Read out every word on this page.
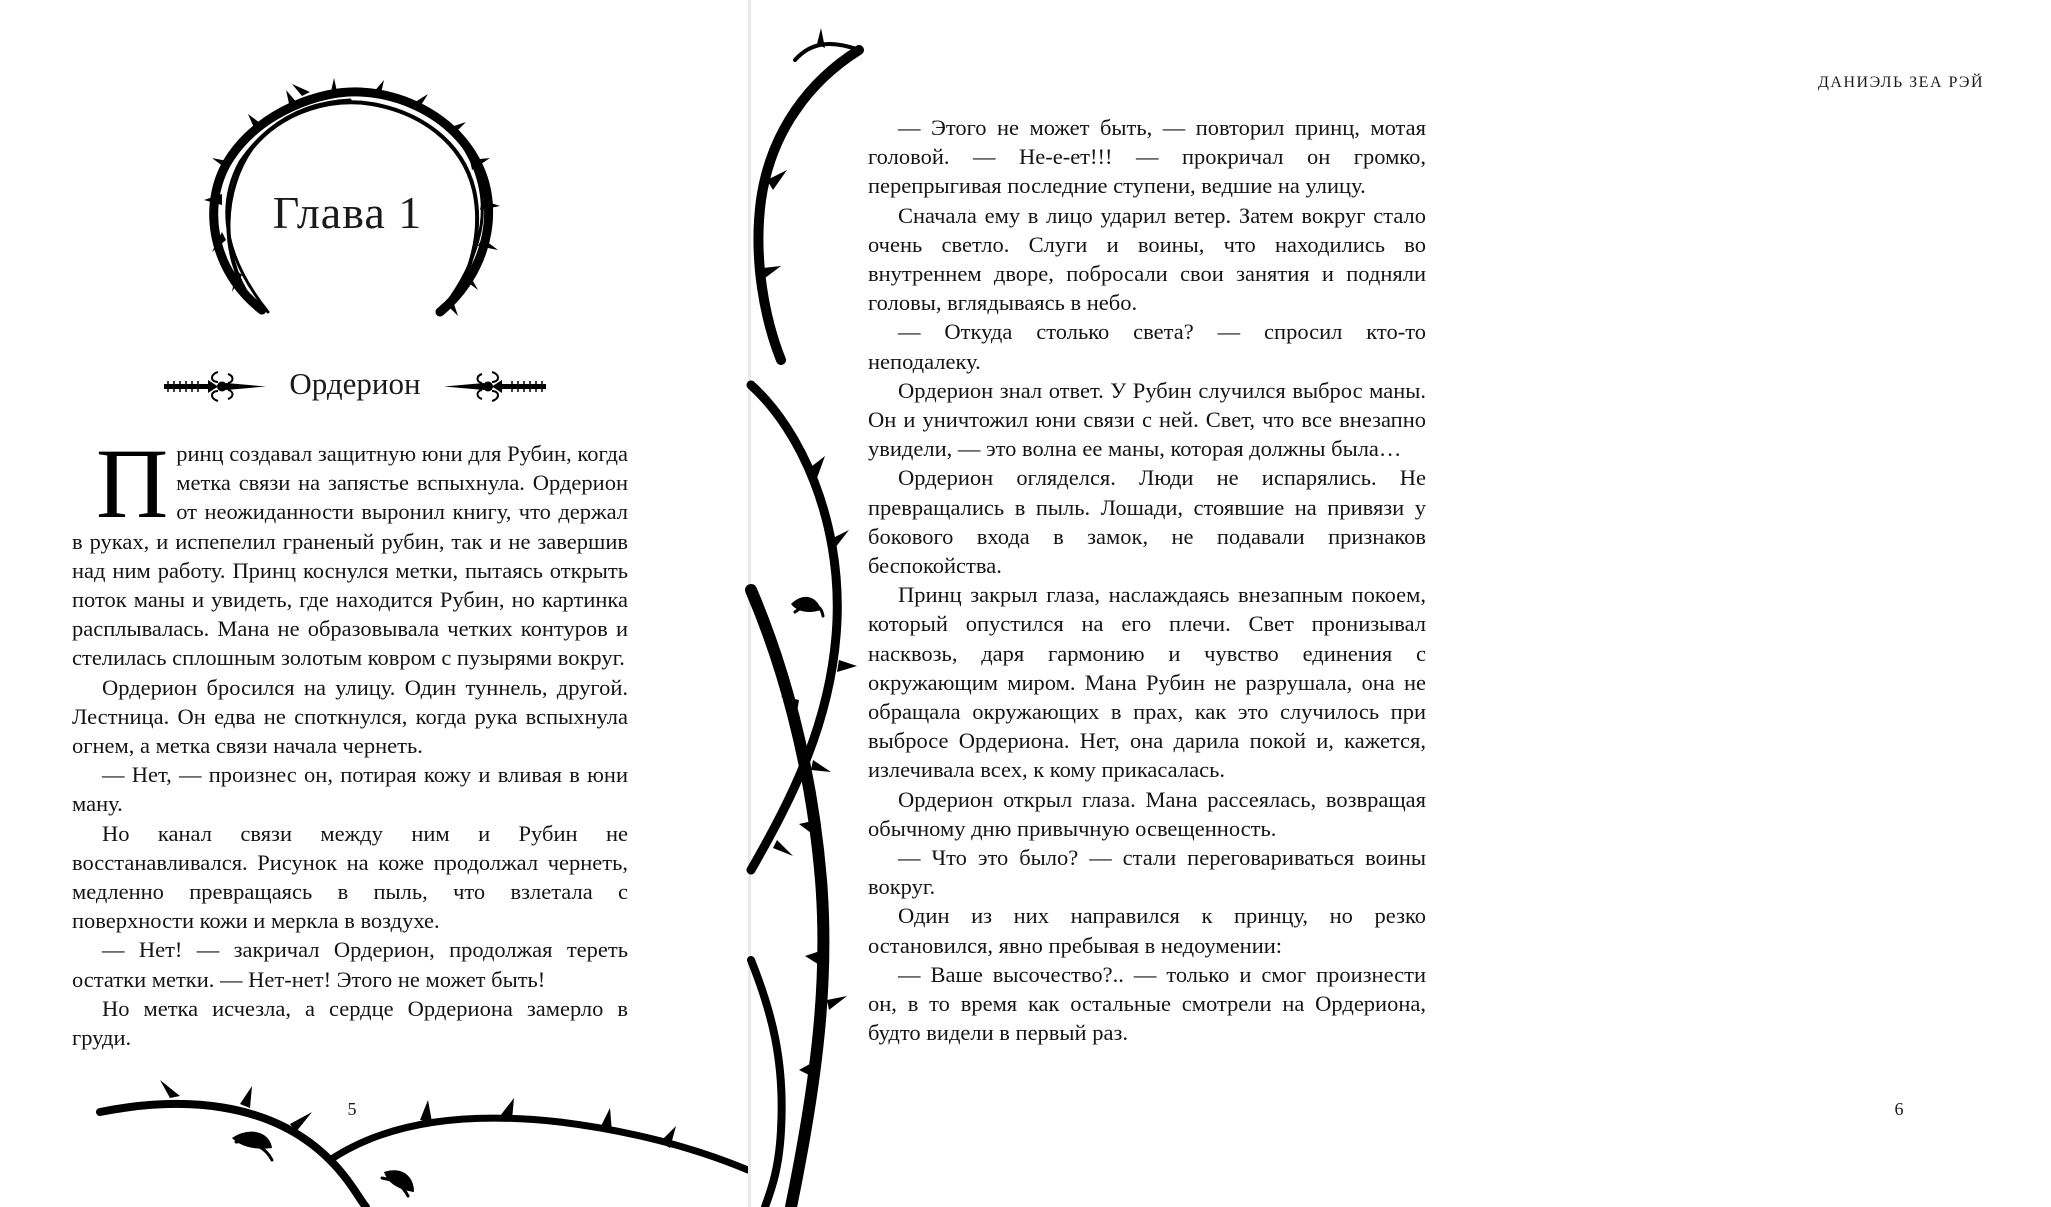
Глава 1
Ордерион

Принц создавал защитную юни для Рубин, когда метка связи на запястье вспыхнула. Ордерион от неожиданности выронил книгу, что держал в руках, и испепелил граненый рубин, так и не завершив над ним работу. Принц коснулся метки, пытаясь открыть поток маны и увидеть, где находится Рубин, но картинка расплывалась. Мана не образовывала четких контуров и стелилась сплошным золотым ковром с пузырями вокруг.

Ордерион бросился на улицу. Один туннель, другой. Лестница. Он едва не споткнулся, когда рука вспыхнула огнем, а метка связи начала чернеть.

— Нет, — произнес он, потирая кожу и вливая в юни ману.

Но канал связи между ним и Рубин не восстанавливался. Рисунок на коже продолжал чернеть, медленно превращаясь в пыль, что взлетала с поверхности кожи и меркла в воздухе.

— Нет! — закричал Ордерион, продолжая тереть остатки метки. — Нет-нет! Этого не может быть!

Но метка исчезла, а сердце Ордериона замерло в груди.

5
ДАНИЭЛЬ ЗЕА РЭЙ
6

— Этого не может быть, — повторил принц, мотая головой. — Не-е-ет!!! — прокричал он громко, перепрыгивая последние ступени, ведшие на улицу.

Сначала ему в лицо ударил ветер. Затем вокруг стало очень светло. Слуги и воины, что находились во внутреннем дворе, побросали свои занятия и подняли головы, вглядываясь в небо.

— Откуда столько света? — спросил кто-то неподалеку.

Ордерион знал ответ. У Рубин случился выброс маны. Он и уничтожил юни связи с ней. Свет, что все внезапно увидели, — это волна ее маны, которая должны была…

Ордерион огляделся. Люди не испарялись. Не превращались в пыль. Лошади, стоявшие на привязи у бокового входа в замок, не подавали признаков беспокойства.

Принц закрыл глаза, наслаждаясь внезапным покоем, который опустился на его плечи. Свет пронизывал насквозь, даря гармонию и чувство единения с окружающим миром. Мана Рубин не разрушала, она не обращала окружающих в прах, как это случилось при выбросе Ордериона. Нет, она дарила покой и, кажется, излечивала всех, к кому прикасалась.

Ордерион открыл глаза. Мана рассеялась, возвращая обычному дню привычную освещенность.

— Что это было? — стали переговариваться воины вокруг.

Один из них направился к принцу, но резко остановился, явно пребывая в недоумении:

— Ваше высочество?.. — только и смог произнести он, в то время как остальные смотрели на Ордериона, будто видели в первый раз.
